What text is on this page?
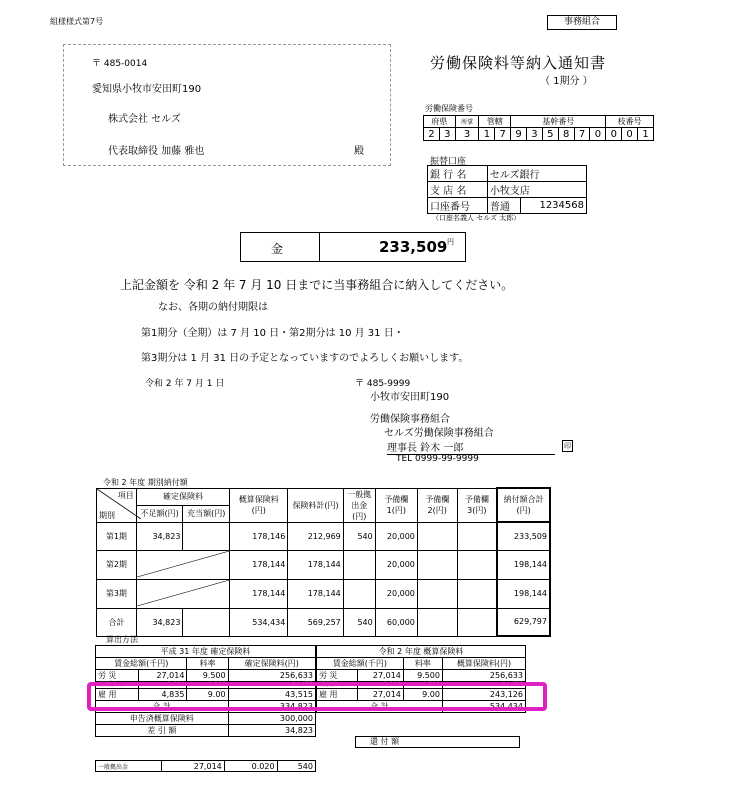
組様様式第7号	事務組合
〒 485-0014
愛知県小牧市安田町190
株式会社 セルズ
代表取締役 加藤 雅也	殿
労働保険料等納入通知書
（ 1期分 ）
労働保険番号
府県		所掌	管轄		基幹番号						枝番号		
2	3	3	1	7	9	3	5	8	7	0	0	0	1
振替口座
銀 行 名	セルズ銀行	
支 店 名	小牧支店	
口座番号	普通	1234568
（口座名義人 セルズ 太郎）
金	233,509 円
上記金額を 令和 2 年 7 月 10 日までに当事務組合に納入してください。
なお、各期の納付期限は
第1期分（全期）は 7 月 10 日・第2期分は 10 月 31 日・
第3期分は 1 月 31 日の予定となっていますのでよろしくお願いします。
令和 2 年 7 月 1 日	〒 485-9999
小牧市安田町190
労働保険事務組合
セルズ労働保険事務組合
理事長 鈴木 一郎	印
TEL 0999-99-9999
令和 2 年度 期別納付額
項目
期別	確定保険料		概算保険料(円)	保険料計(円)	一般拠出金(円)	予備欄1(円)	予備欄2(円)	予備欄3(円)	納付額合計(円)
	不足額(円)	充当額(円)							
第1期	34,823		178,146	212,969	540	20,000			233,509
第2期			178,144	178,144		20,000			198,144
第3期			178,144	178,144		20,000			198,144
合計	34,823		534,434	569,257	540	60,000			629,797
算出方法
平成 31 年度 確定保険料			
賃金総額(千円)		料率	確定保険料(円)
労 災	27,014	9.500	256,633
特別加入	8,000	9.500	34,675
雇 用	4,835	9.00	43,515
合 計			334,823
申告済概算保険料			300,000
差 引 額			34,823
令和 2 年度 概算保険料			
賃金総額(千円)		料率	概算保険料(円)
労 災	27,014	9.500	256,633
特別加入	8,000	9.500	34,675
雇 用	27,014	9.00	243,126
合 計			534,434
還 付 額
一般拠出金	27,014	0.020	540
